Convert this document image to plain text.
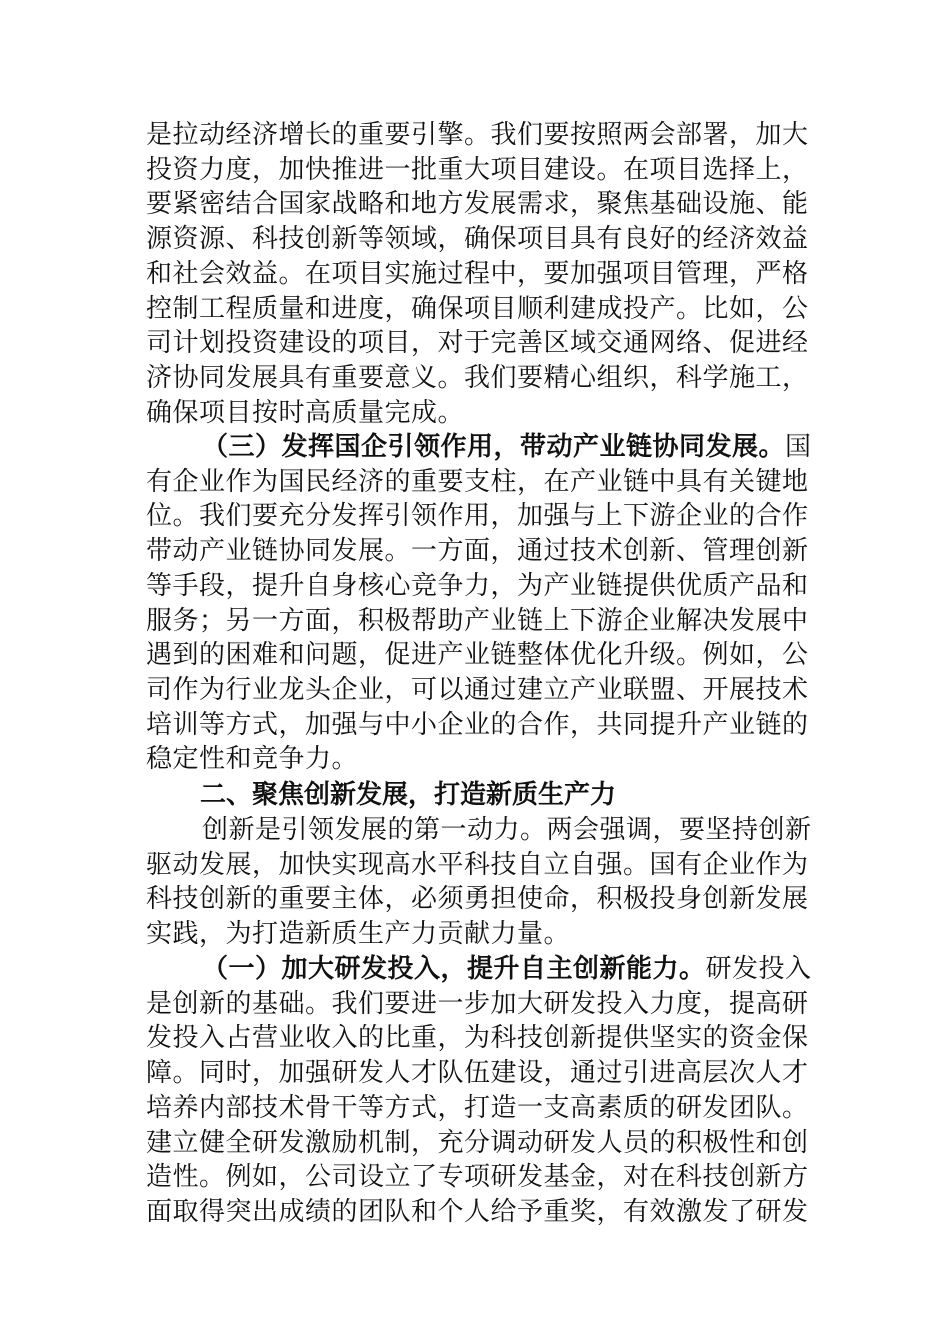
是拉动经济增长的重要引擎。我们要按照两会部署，加大
投资力度，加快推进一批重大项目建设。在项目选择上，
要紧密结合国家战略和地方发展需求，聚焦基础设施、能
源资源、科技创新等领域，确保项目具有良好的经济效益
和社会效益。在项目实施过程中，要加强项目管理，严格
控制工程质量和进度，确保项目顺利建成投产。比如，公
司计划投资建设的项目，对于完善区域交通网络、促进经
济协同发展具有重要意义。我们要精心组织，科学施工，
确保项目按时高质量完成。
（三）发挥国企引领作用，带动产业链协同发展。国
有企业作为国民经济的重要支柱，在产业链中具有关键地
位。我们要充分发挥引领作用，加强与上下游企业的合作
带动产业链协同发展。一方面，通过技术创新、管理创新
等手段，提升自身核心竞争力，为产业链提供优质产品和
服务；另一方面，积极帮助产业链上下游企业解决发展中
遇到的困难和问题，促进产业链整体优化升级。例如，公
司作为行业龙头企业，可以通过建立产业联盟、开展技术
培训等方式，加强与中小企业的合作，共同提升产业链的
稳定性和竞争力。
二、聚焦创新发展，打造新质生产力
创新是引领发展的第一动力。两会强调，要坚持创新
驱动发展，加快实现高水平科技自立自强。国有企业作为
科技创新的重要主体，必须勇担使命，积极投身创新发展
实践，为打造新质生产力贡献力量。
（一）加大研发投入，提升自主创新能力。研发投入
是创新的基础。我们要进一步加大研发投入力度，提高研
发投入占营业收入的比重，为科技创新提供坚实的资金保
障。同时，加强研发人才队伍建设，通过引进高层次人才
培养内部技术骨干等方式，打造一支高素质的研发团队。
建立健全研发激励机制，充分调动研发人员的积极性和创
造性。例如，公司设立了专项研发基金，对在科技创新方
面取得突出成绩的团队和个人给予重奖，有效激发了研发
